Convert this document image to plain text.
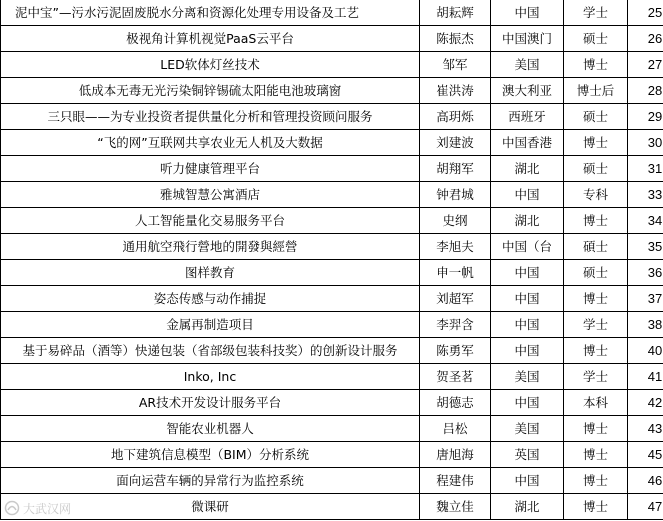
泥中宝”—污水污泥固废脱水分离和资源化处理专用设备及工艺	胡耘辉	中国	学士	25
极视角计算机视觉PaaS云平台	陈振杰	中国澳门	硕士	26
LED软体灯丝技术	邹军	美国	博士	27
低成本无毒无光污染铜锌锡硫太阳能电池玻璃窗	崔洪涛	澳大利亚	博士后	28
三只眼——为专业投资者提供量化分析和管理投资顾问服务	高玥烁	西班牙	硕士	29
“飞的网”互联网共享农业无人机及大数据	刘建波	中国香港	博士	30
听力健康管理平台	胡翔军	湖北	硕士	31
雅城智慧公寓酒店	钟君城	中国	专科	33
人工智能量化交易服务平台	史纲	湖北	博士	34
通用航空飛行營地的開發與經營	李旭夫	中国（台	碩士	35
图样教育	申一帆	中国	硕士	36
姿态传感与动作捕捉	刘超军	中国	博士	37
金属再制造项目	李羿含	中国	学士	38
基于易碎品（酒等）快递包装（省部级包装科技奖）的创新设计服务	陈勇军	中国	博士	40
Inko, Inc	贺圣茗	美国	学士	41
AR技术开发设计服务平台	胡德志	中国	本科	42
智能农业机器人	吕松	美国	博士	43
地下建筑信息模型（BIM）分析系统	唐旭海	英国	博士	45
面向运营车辆的异常行为监控系统	程建伟	中国	博士	46
微课研	魏立佳	湖北	博士	47
大武汉网
